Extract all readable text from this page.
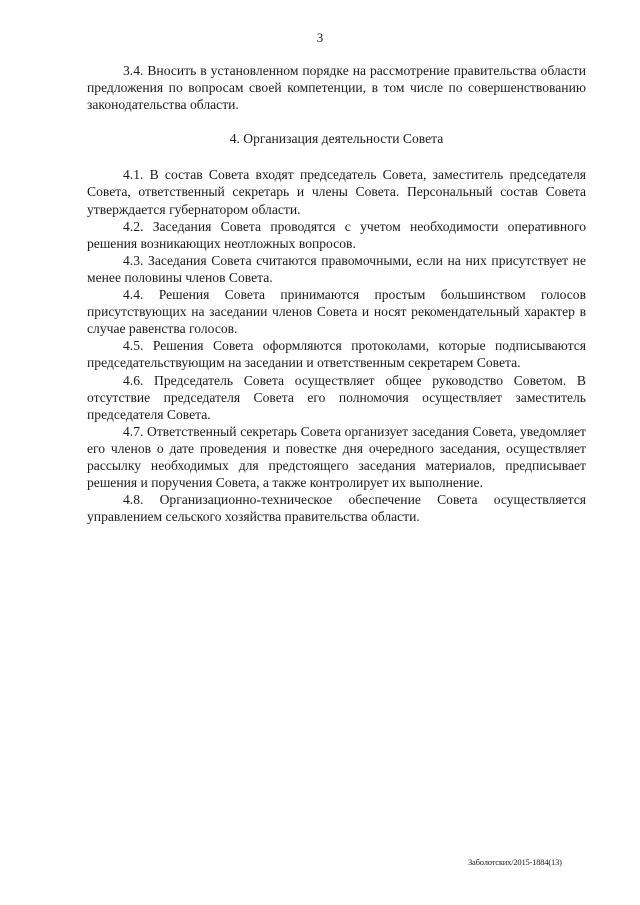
3

3.4. Вносить в установленном порядке на рассмотрение правительства области предложения по вопросам своей компетенции, в том числе по совершенствованию законодательства области.

4. Организация деятельности Совета

4.1. В состав Совета входят председатель Совета, заместитель председателя Совета, ответственный секретарь и члены Совета. Персональный состав Совета утверждается губернатором области.

4.2. Заседания Совета проводятся с учетом необходимости оперативного решения возникающих неотложных вопросов.

4.3. Заседания Совета считаются правомочными, если на них присутствует не менее половины членов Совета.

4.4. Решения Совета принимаются простым большинством голосов присутствующих на заседании членов Совета и носят рекомендательный характер в случае равенства голосов.

4.5. Решения Совета оформляются протоколами, которые подписываются председательствующим на заседании и ответственным секретарем Совета.

4.6. Председатель Совета осуществляет общее руководство Советом. В отсутствие председателя Совета его полномочия осуществляет заместитель председателя Совета.

4.7. Ответственный секретарь Совета организует заседания Совета, уведомляет его членов о дате проведения и повестке дня очередного заседания, осуществляет рассылку необходимых для предстоящего заседания материалов, предписывает решения и поручения Совета, а также контролирует их выполнение.

4.8. Организационно-техническое обеспечение Совета осуществляется управлением сельского хозяйства правительства области.

Заболотских/2015-1884(13)
